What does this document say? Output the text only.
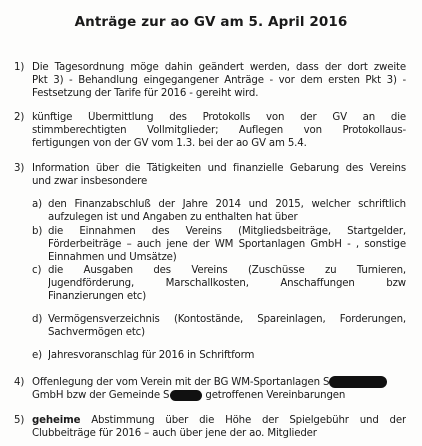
Anträge zur ao GV am 5. April 2016
1) Die Tagesordnung möge dahin geändert werden, dass der dort zweite
Pkt 3) - Behandlung eingegangener Anträge - vor dem ersten Pkt 3) -
Festsetzung der Tarife für 2016 - gereiht wird.
2) künftige Übermittlung des Protokolls von der GV an die
stimmberechtigten Vollmitglieder; Auflegen von Protokollaus-
fertigungen von der GV vom 1.3. bei der ao GV am 5.4.
3) Information über die Tätigkeiten und finanzielle Gebarung des Vereins
und zwar insbesondere
a) den Finanzabschluß der Jahre 2014 und 2015, welcher schriftlich
aufzulegen ist und Angaben zu enthalten hat über
b) die Einnahmen des Vereins (Mitgliedsbeiträge, Startgelder,
Förderbeiträge – auch jene der WM Sportanlagen GmbH - , sonstige
Einnahmen und Umsätze)
c) die Ausgaben des Vereins (Zuschüsse zu Turnieren,
Jugendförderung, Marschallkosten, Anschaffungen bzw
Finanzierungen etc)
d) Vermögensverzeichnis (Kontostände, Spareinlagen, Forderungen,
Sachvermögen etc)
e) Jahresvoranschlag für 2016 in Schriftform
4) Offenlegung der vom Verein mit der BG WM-Sportanlagen S
GmbH bzw der Gemeinde S	getroffenen Vereinbarungen
5) geheime Abstimmung über die Höhe der Spielgebühr und der
Clubbeiträge für 2016 – auch über jene der ao. Mitglieder
